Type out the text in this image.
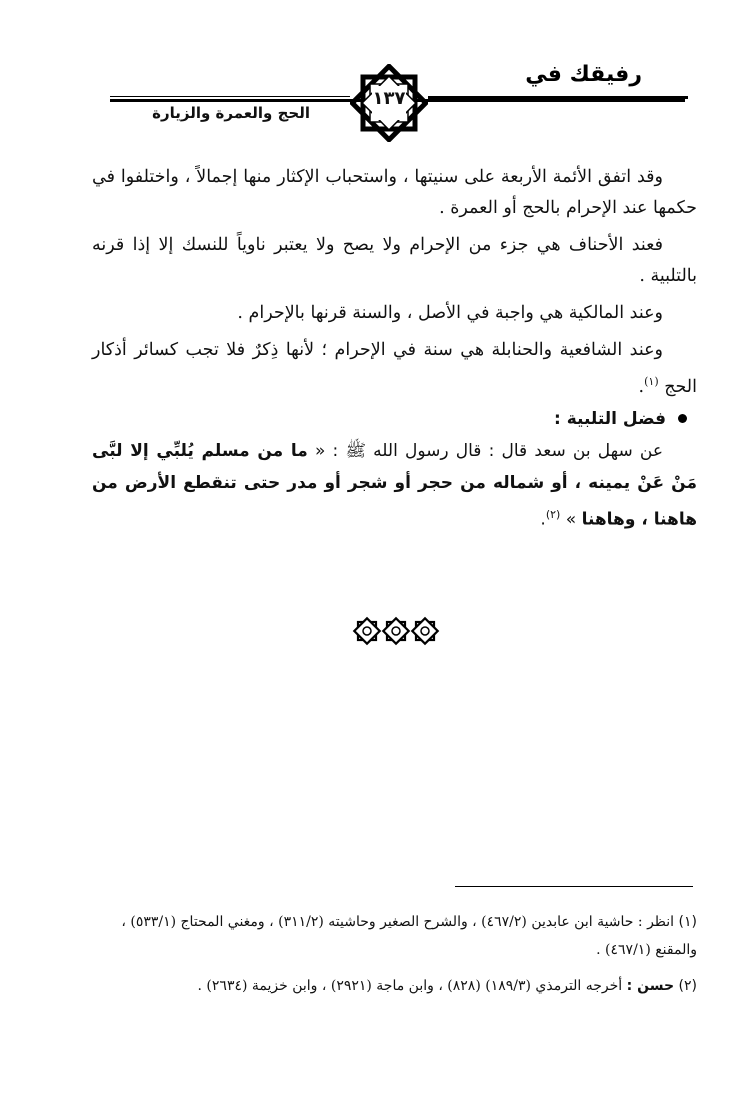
رفيقك في
الحج والعمرة والزيارة
١٣٧

وقد اتفق الأئمة الأربعة على سنيتها ، واستحباب الإكثار منها إجمالاً ، واختلفوا في حكمها عند الإحرام بالحج أو العمرة .

فعند الأحناف هي جزء من الإحرام ولا يصح ولا يعتبر ناوياً للنسك إلا إذا قرنه بالتلبية .

وعند المالكية هي واجبة في الأصل ، والسنة قرنها بالإحرام .

وعند الشافعية والحنابلة هي سنة في الإحرام ؛ لأنها ذِكرٌ فلا تجب كسائر أذكار الحج $^{(١)}$.

فضل التلبية :

عن سهل بن سعد قال : قال رسول الله ﷺ : « ما من مسلم يُلبِّي إلا لبَّى مَنْ عَنْ يمينه ، أو شماله من حجر أو شجر أو مدر حتى تنقطع الأرض من هاهنا ، وهاهنا » $^{(٢)}$.

(١) انظر : حاشية ابن عابدين (٤٦٧/٢) ، والشرح الصغير وحاشيته (٣١١/٢) ، ومغني المحتاج (٥٣٣/١) ، والمقنع (٤٦٧/١) .

(٢) حسن : أخرجه الترمذي (١٨٩/٣) (٨٢٨) ، وابن ماجة (٢٩٢١) ، وابن خزيمة (٢٦٣٤) .
